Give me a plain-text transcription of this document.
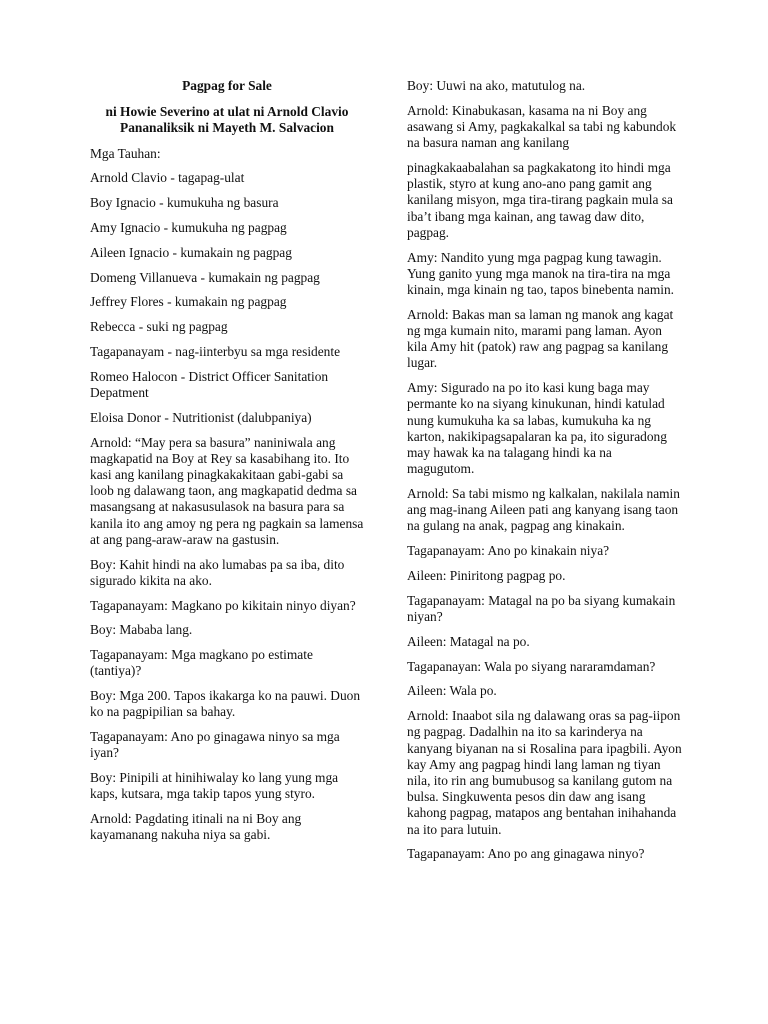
Pagpag for Sale

ni Howie Severino at ulat ni Arnold Clavio Pananaliksik ni Mayeth M. Salvacion

Mga Tauhan:

Arnold Clavio - tagapag-ulat

Boy Ignacio - kumukuha ng basura

Amy Ignacio - kumukuha ng pagpag

Aileen Ignacio - kumakain ng pagpag

Domeng Villanueva - kumakain ng pagpag

Jeffrey Flores - kumakain ng pagpag

Rebecca - suki ng pagpag

Tagapanayam - nag-iinterbyu sa mga residente

Romeo Halocon - District Officer Sanitation Depatment

Eloisa Donor - Nutritionist (dalubpaniya)

Arnold: “May pera sa basura” naniniwala ang magkapatid na Boy at Rey sa kasabihang ito. Ito kasi ang kanilang pinagkakakitaan gabi-gabi sa loob ng dalawang taon, ang magkapatid dedma sa masangsang at nakasusulasok na basura para sa kanila ito ang amoy ng pera ng pagkain sa lamensa at ang pang-araw-araw na gastusin.

Boy: Kahit hindi na ako lumabas pa sa iba, dito sigurado kikita na ako.

Tagapanayam: Magkano po kikitain ninyo diyan?

Boy: Mababa lang.

Tagapanayam: Mga magkano po estimate (tantiya)?

Boy: Mga 200. Tapos ikakarga ko na pauwi. Duon ko na pagpipilian sa bahay.

Tagapanayam: Ano po ginagawa ninyo sa mga iyan?

Boy: Pinipili at hinihiwalay ko lang yung mga kaps, kutsara, mga takip tapos yung styro.

Arnold: Pagdating itinali na ni Boy ang kayamanang nakuha niya sa gabi.

Boy: Uuwi na ako, matutulog na.

Arnold: Kinabukasan, kasama na ni Boy ang asawang si Amy, pagkakalkal sa tabi ng kabundok na basura naman ang kanilang

pinagkakaabalahan sa pagkakatong ito hindi mga plastik, styro at kung ano-ano pang gamit ang kanilang misyon, mga tira-tirang pagkain mula sa iba’t ibang mga kainan, ang tawag daw dito, pagpag.

Amy: Nandito yung mga pagpag kung tawagin. Yung ganito yung mga manok na tira-tira na mga kinain, mga kinain ng tao, tapos binebenta namin.

Arnold: Bakas man sa laman ng manok ang kagat ng mga kumain nito, marami pang laman. Ayon kila Amy hit (patok) raw ang pagpag sa kanilang lugar.

Amy: Sigurado na po ito kasi kung baga may permante ko na siyang kinukunan, hindi katulad nung kumukuha ka sa labas, kumukuha ka ng karton, nakikipagsapalaran ka pa, ito siguradong may hawak ka na talagang hindi ka na magugutom.

Arnold: Sa tabi mismo ng kalkalan, nakilala namin ang mag-inang Aileen pati ang kanyang isang taon na gulang na anak, pagpag ang kinakain.

Tagapanayam: Ano po kinakain niya?

Aileen: Piniritong pagpag po.

Tagapanayam: Matagal na po ba siyang kumakain niyan?

Aileen: Matagal na po.

Tagapanayan: Wala po siyang nararamdaman?

Aileen: Wala po.

Arnold: Inaabot sila ng dalawang oras sa pag-iipon ng pagpag. Dadalhin na ito sa karinderya na kanyang biyanan na si Rosalina para ipagbili. Ayon kay Amy ang pagpag hindi lang laman ng tiyan nila, ito rin ang bumubusog sa kanilang gutom na bulsa. Singkuwenta pesos din daw ang isang kahong pagpag, matapos ang bentahan inihahanda na ito para lutuin.

Tagapanayam: Ano po ang ginagawa ninyo?
